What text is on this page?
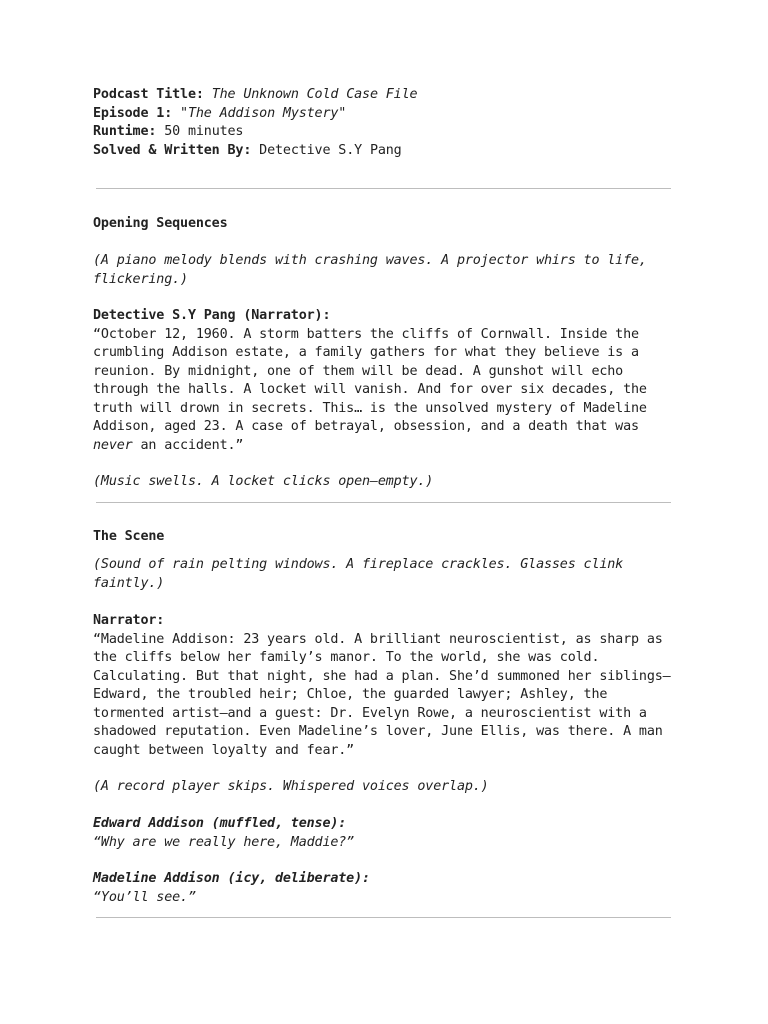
Podcast Title: The Unknown Cold Case File
Episode 1: "The Addison Mystery"
Runtime: 50 minutes
Solved & Written By: Detective S.Y Pang

Opening Sequences

(A piano melody blends with crashing waves. A projector whirs to life, flickering.)

Detective S.Y Pang (Narrator):

“October 12, 1960. A storm batters the cliffs of Cornwall. Inside the crumbling Addison estate, a family gathers for what they believe is a reunion. By midnight, one of them will be dead. A gunshot will echo through the halls. A locket will vanish. And for over six decades, the truth will drown in secrets. This… is the unsolved mystery of Madeline Addison, aged 23. A case of betrayal, obsession, and a death that was never an accident.”

(Music swells. A locket clicks open—empty.)

The Scene

(Sound of rain pelting windows. A fireplace crackles. Glasses clink faintly.)

Narrator:

“Madeline Addison: 23 years old. A brilliant neuroscientist, as sharp as the cliffs below her family’s manor. To the world, she was cold. Calculating. But that night, she had a plan. She’d summoned her siblings—Edward, the troubled heir; Chloe, the guarded lawyer; Ashley, the tormented artist—and a guest: Dr. Evelyn Rowe, a neuroscientist with a shadowed reputation. Even Madeline’s lover, June Ellis, was there. A man caught between loyalty and fear.”

(A record player skips. Whispered voices overlap.)

Edward Addison (muffled, tense):

“Why are we really here, Maddie?”

Madeline Addison (icy, deliberate):

“You’ll see.”
